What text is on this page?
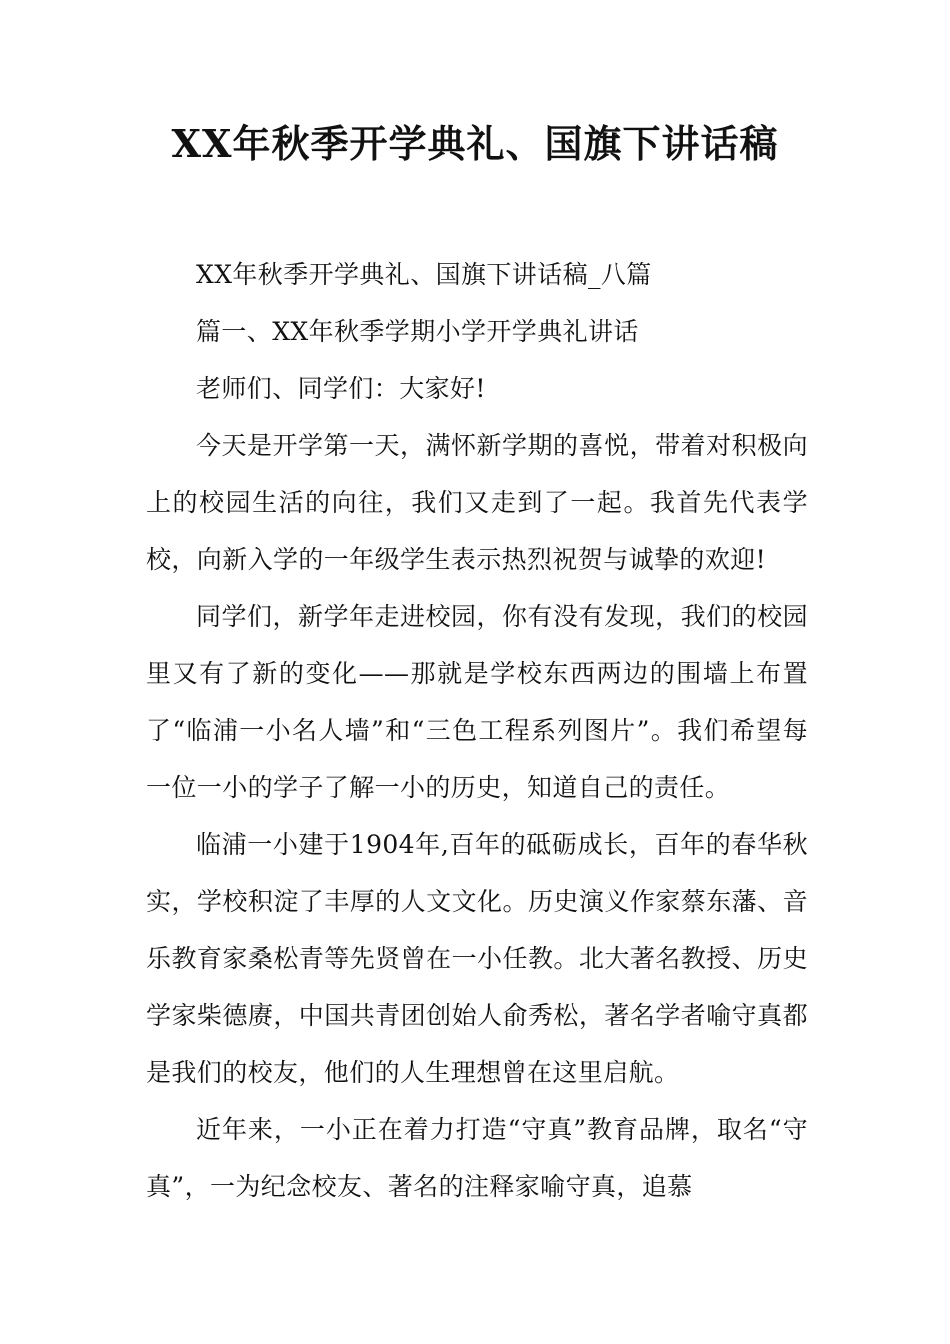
XX年秋季开学典礼、国旗下讲话稿

XX年秋季开学典礼、国旗下讲话稿_八篇

篇一、XX年秋季学期小学开学典礼讲话

老师们、同学们：大家好!

今天是开学第一天，满怀新学期的喜悦，带着对积极向上的校园生活的向往，我们又走到了一起。我首先代表学校，向新入学的一年级学生表示热烈祝贺与诚挚的欢迎!

同学们，新学年走进校园，你有没有发现，我们的校园里又有了新的变化——那就是学校东西两边的围墙上布置了“临浦一小名人墙”和“三色工程系列图片”。我们希望每一位一小的学子了解一小的历史，知道自己的责任。

临浦一小建于1904年,百年的砥砺成长，百年的春华秋实，学校积淀了丰厚的人文文化。历史演义作家蔡东藩、音乐教育家桑松青等先贤曾在一小任教。北大著名教授、历史学家柴德赓，中国共青团创始人俞秀松，著名学者喻守真都是我们的校友，他们的人生理想曾在这里启航。

近年来，一小正在着力打造“守真”教育品牌，取名“守真”，一为纪念校友、著名的注释家喻守真，追慕
